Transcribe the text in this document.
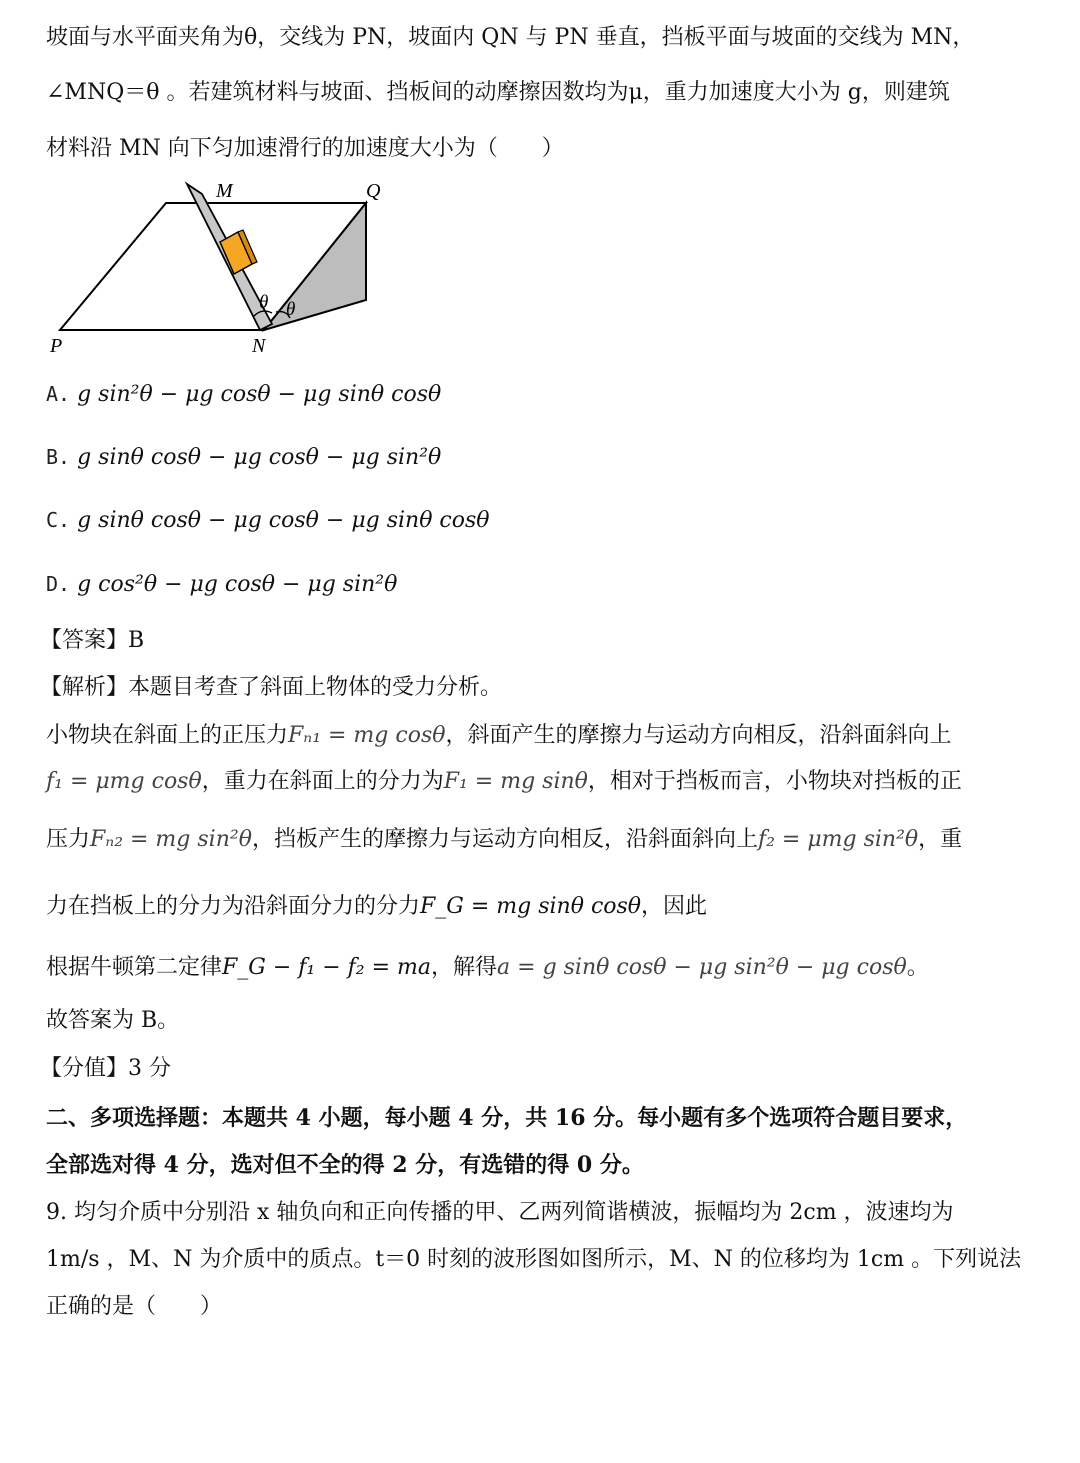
坡面与水平面夹角为θ，交线为 PN，坡面内 QN 与 PN 垂直，挡板平面与坡面的交线为 MN，
∠MNQ＝θ 。若建筑材料与坡面、挡板间的动摩擦因数均为μ，重力加速度大小为 g，则建筑
材料沿 MN 向下匀加速滑行的加速度大小为（　　）
M	Q
P	N
θ θ
A. g sin²θ − μg cosθ − μg sinθ cosθ
B. g sinθ cosθ − μg cosθ − μg sin²θ
C. g sinθ cosθ − μg cosθ − μg sinθ cosθ
D. g cos²θ − μg cosθ − μg sin²θ
【答案】B
【解析】本题目考查了斜面上物体的受力分析。
小物块在斜面上的正压力Fₙ₁ = mg cosθ，斜面产生的摩擦力与运动方向相反，沿斜面斜向上
f₁ = μmg cosθ，重力在斜面上的分力为F₁ = mg sinθ，相对于挡板而言，小物块对挡板的正
压力Fₙ₂ = mg sin²θ，挡板产生的摩擦力与运动方向相反，沿斜面斜向上f₂ = μmg sin²θ，重
力在挡板上的分力为沿斜面分力的分力F_G = mg sinθ cosθ，因此
根据牛顿第二定律F_G − f₁ − f₂ = ma，解得a = g sinθ cosθ − μg sin²θ − μg cosθ。
故答案为 B。
【分值】3 分
二、多项选择题：本题共 4 小题，每小题 4 分，共 16 分。每小题有多个选项符合题目要求，
全部选对得 4 分，选对但不全的得 2 分，有选错的得 0 分。
9. 均匀介质中分别沿 x 轴负向和正向传播的甲、乙两列简谐横波，振幅均为 2cm ，波速均为
1m/s ，M、N 为介质中的质点。t＝0 时刻的波形图如图所示，M、N 的位移均为 1cm 。下列说法
正确的是（　　）
